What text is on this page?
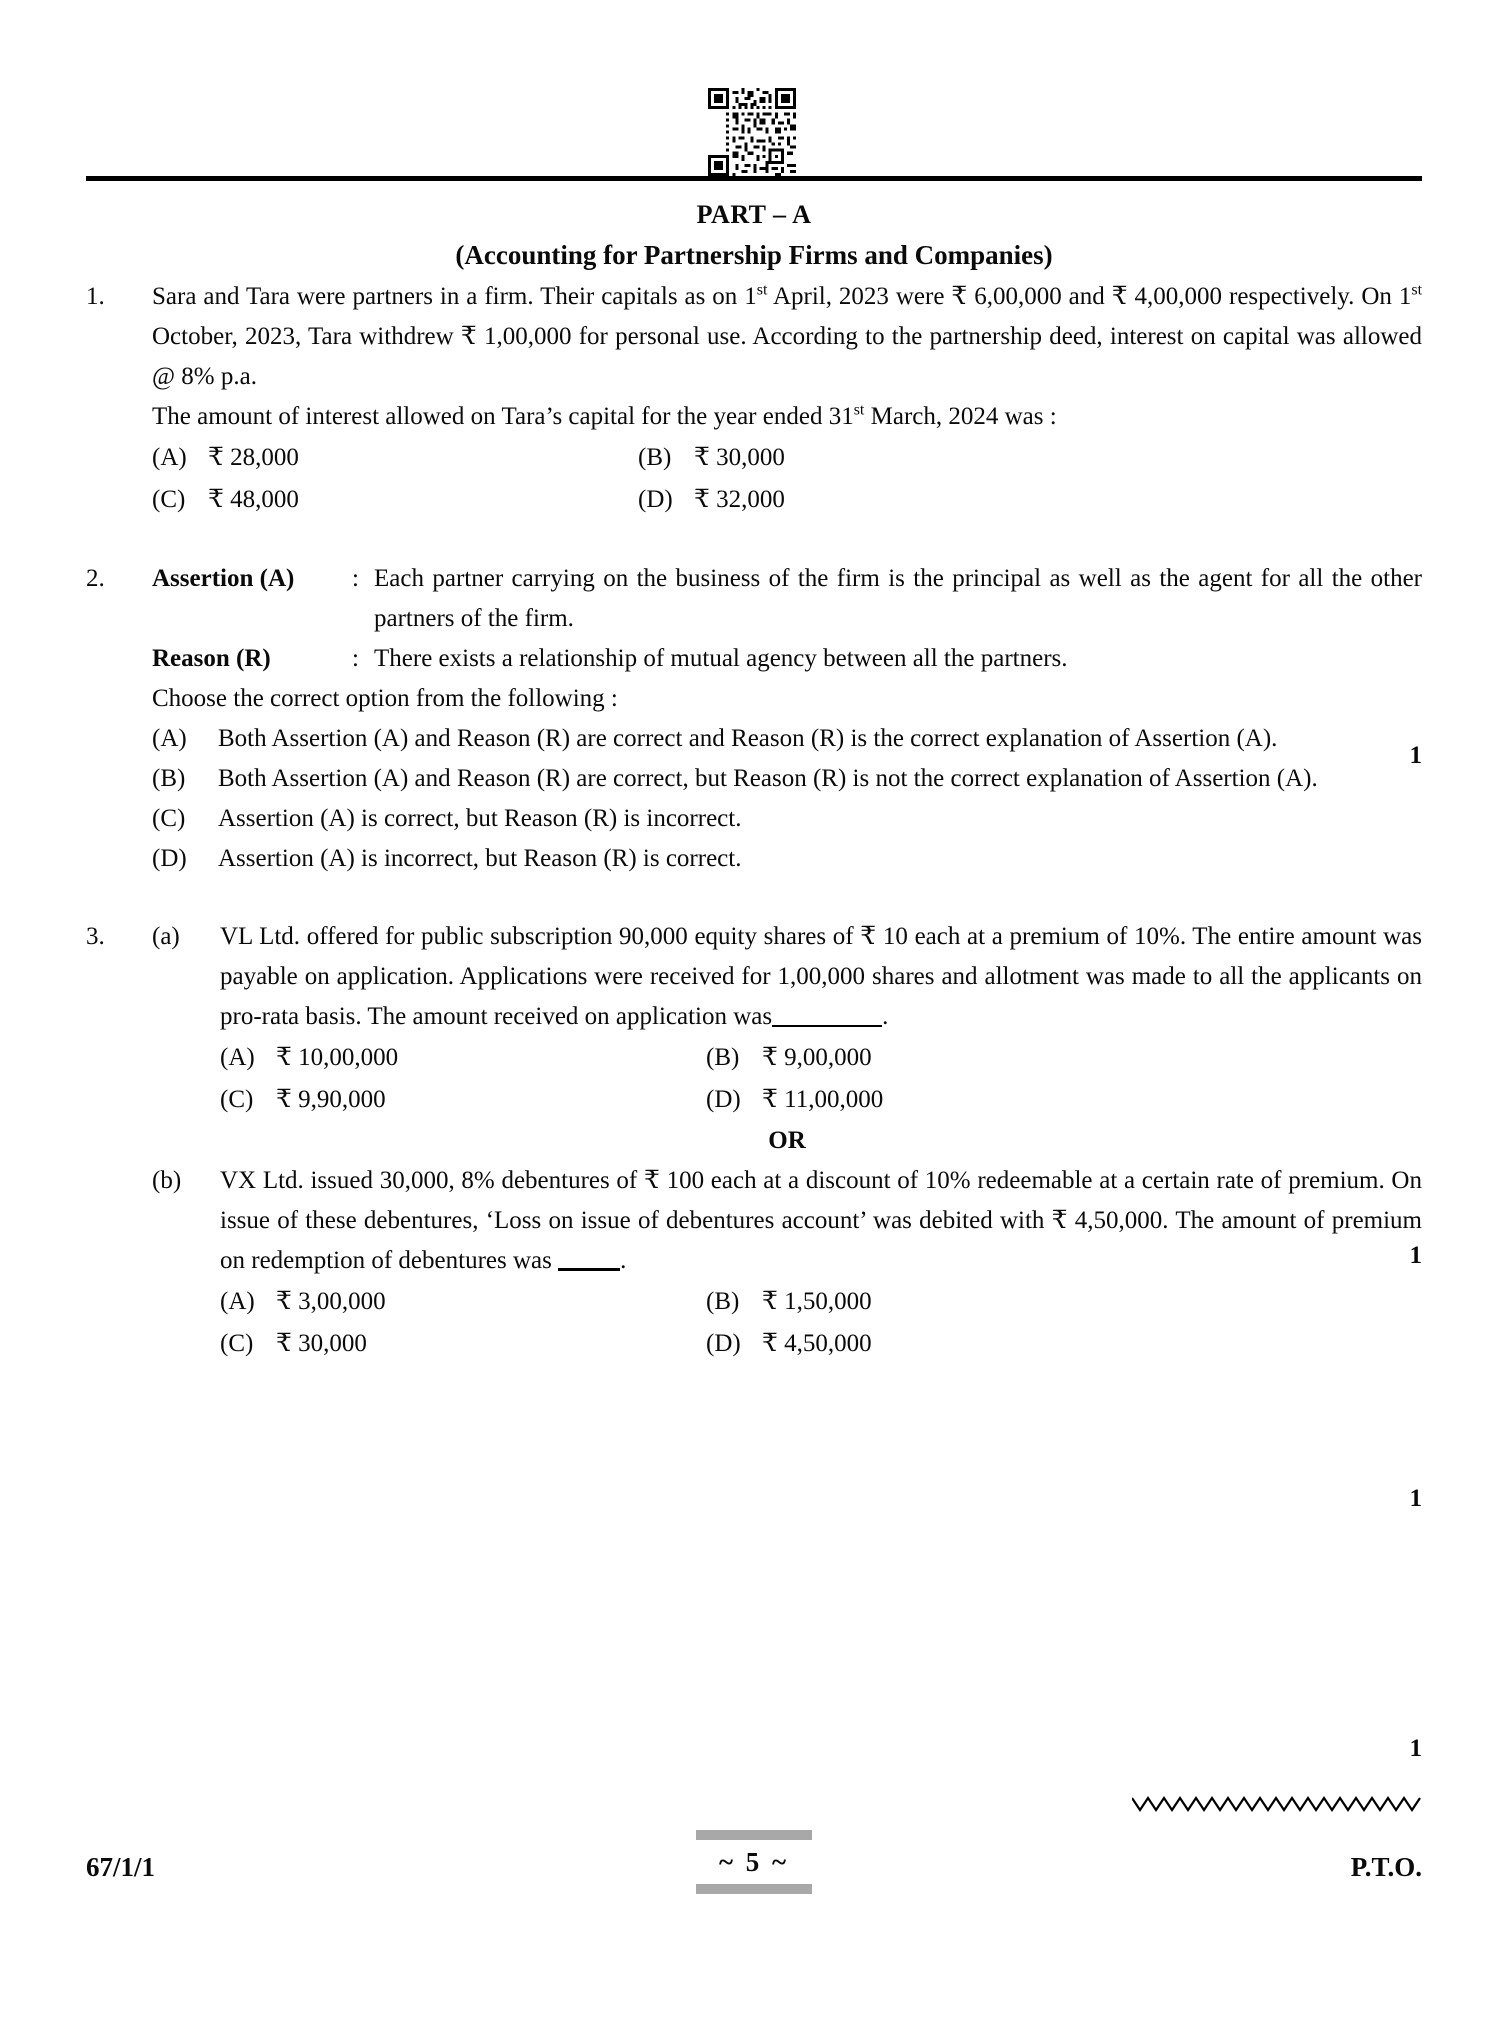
PART – A
(Accounting for Partnership Firms and Companies)
1.	Sara and Tara were partners in a firm. Their capitals as on 1st April, 2023 were ₹ 6,00,000 and ₹ 4,00,000 respectively. On 1st October, 2023, Tara withdrew ₹ 1,00,000 for personal use. According to the partnership deed, interest on capital was allowed @ 8% p.a.
The amount of interest allowed on Tara’s capital for the year ended 31st March, 2024 was :
(A) ₹ 28,000	(B) ₹ 30,000
(C) ₹ 48,000	(D) ₹ 32,000
1
2.	Assertion (A)	: Each partner carrying on the business of the firm is the principal as well as the agent for all the other partners of the firm.
Reason (R)	: There exists a relationship of mutual agency between all the partners.
Choose the correct option from the following :
(A)	Both Assertion (A) and Reason (R) are correct and Reason (R) is the correct explanation of Assertion (A).
(B)	Both Assertion (A) and Reason (R) are correct, but Reason (R) is not the correct explanation of Assertion (A).
(C)	Assertion (A) is correct, but Reason (R) is incorrect.
(D)	Assertion (A) is incorrect, but Reason (R) is correct.
1
3.	(a)	VL Ltd. offered for public subscription 90,000 equity shares of ₹ 10 each at a premium of 10%. The entire amount was payable on application. Applications were received for 1,00,000 shares and allotment was made to all the applicants on pro-rata basis. The amount received on application was	.
(A) ₹ 10,00,000	(B) ₹ 9,00,000
(C) ₹ 9,90,000	(D) ₹ 11,00,000
OR
(b)	VX Ltd. issued 30,000, 8% debentures of ₹ 100 each at a discount of 10% redeemable at a certain rate of premium. On issue of these debentures, ‘Loss on issue of debentures account’ was debited with ₹ 4,50,000. The amount of premium on redemption of debentures was	.
(A) ₹ 3,00,000	(B) ₹ 1,50,000
(C) ₹ 30,000	(D) ₹ 4,50,000
1
1
67/1/1	~ 5 ~	P.T.O.
